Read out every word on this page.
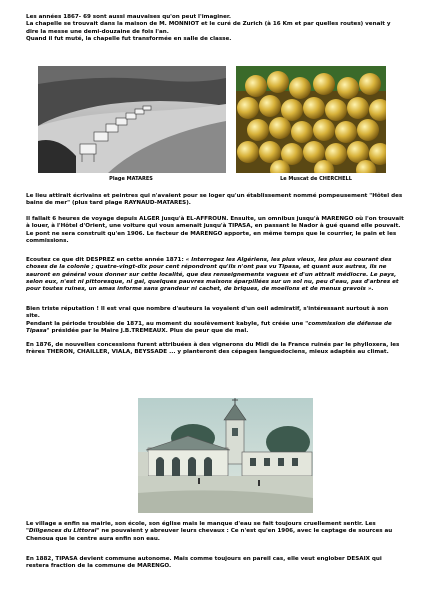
Les années 1867- 69 sont aussi mauvaises qu'on peut l'imaginer.
La chapelle se trouvait dans la maison de M. MONNIOT et le curé de Zurich (à 16 Km et par quelles routes) venait y dire la messe une demi-douzaine de fois l'an.
Quand il fut muté, la chapelle fut transformée en salle de classe.

Plage MATARES	Le Muscat de CHERCHELL

Le lieu attirait écrivains et peintres qui n'avaient pour se loger qu'un établissement nommé pompeusement "Hôtel des bains de mer" (plus tard plage RAYNAUD-MATARES).

Il fallait 6 heures de voyage depuis ALGER jusqu'à EL-AFFROUN. Ensuite, un omnibus jusqu'à MARENGO où l'on trouvait à louer, à l'Hôtel d'Orient, une voiture qui vous amenait jusqu'à TIPASA, en passant le Nador à gué quand elle pouvait. Le pont ne sera construit qu'en 1906. Le facteur de MARENGO apporte, en même temps que le courrier, le pain et les commissions.

Ecoutez ce que dit DESPREZ en cette année 1871: « Interrogez les Algériens, les plus vieux, les plus au courant des choses de la colonie ; quatre-vingt-dix pour cent répondront qu'ils n'ont pas vu Tipasa, et quant aux autres, ils ne sauront en général vous donner sur cette localité, que des renseignements vagues et d'un attrait médiocre. Le pays, selon eux, n'est ni pittoresque, ni gai, quelques pauvres maisons éparpillées sur un sol nu, peu d'eau, pas d'arbres et pour toutes ruines, un amas informe sans grandeur ni cachet, de briques, de moellons et de menus gravois ».

Bien triste réputation ! Il est vrai que nombre d'auteurs la voyaient d'un oeil admiratif, s'intéressant surtout à son site.
Pendant la période troublée de 1871, au moment du soulèvement kabyle, fut créée une "commission de défense de Tipasa" présidée par le Maire J.B.TREMEAUX. Plus de peur que de mal.

En 1876, de nouvelles concessions furent attribuées à des vignerons du Midi de la France ruinés par le phylloxera, les frères THERON, CHAILLER, VIALA, BEYSSADE ... y planteront des cépages languedociens, mieux adaptés au climat.

Le village a enfin sa mairie, son école, son église mais le manque d'eau se fait toujours cruellement sentir. Les "Diligences du Littoral" ne pouvaient y abreuver leurs chevaux : Ce n'est qu'en 1906, avec le captage de sources au Chenoua que le centre aura enfin son eau.

En 1882, TIPASA devient commune autonome. Mais comme toujours en pareil cas, elle veut englober DESAIX qui restera fraction de la commune de MARENGO.
